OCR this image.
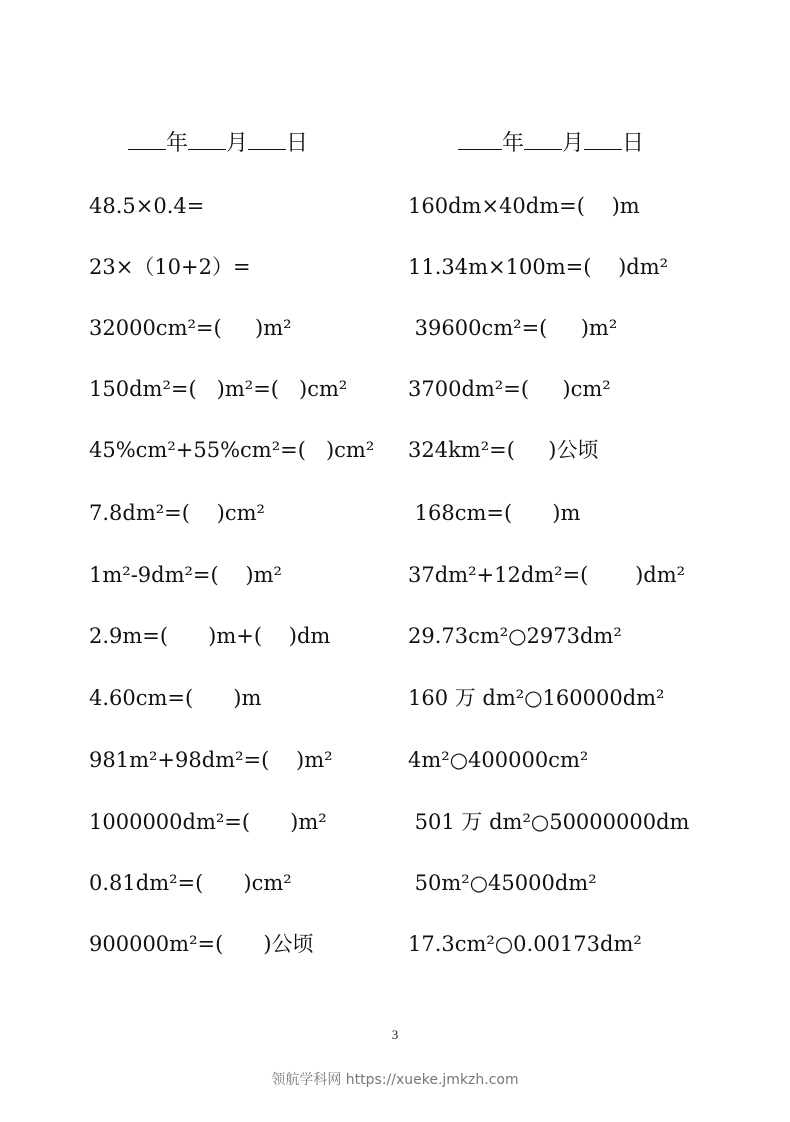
年 月 日	年 月 日
48.5×0.4=
23×（10+2）=
32000cm²=(     )m²
150dm²=(   )m²=(   )cm²
45%cm²+55%cm²=(   )cm²
7.8dm²=(    )cm²
1m²-9dm²=(    )m²
2.9m=(      )m+(    )dm
4.60cm=(      )m
981m²+98dm²=(    )m²
1000000dm²=(      )m²
0.81dm²=(      )cm²
900000m²=(      )公顷
160dm×40dm=(    )m
11.34m×100m=(    )dm²
39600cm²=(     )m²
3700dm²=(     )cm²
324km²=(     )公顷
168cm=(      )m
37dm²+12dm²=(       )dm²
29.73cm²○2973dm²
160 万 dm²○160000dm²
4m²○400000cm²
501 万 dm²○50000000dm
50m²○45000dm²
17.3cm²○0.00173dm²
3
领航学科网 https://xueke.jmkzh.com
